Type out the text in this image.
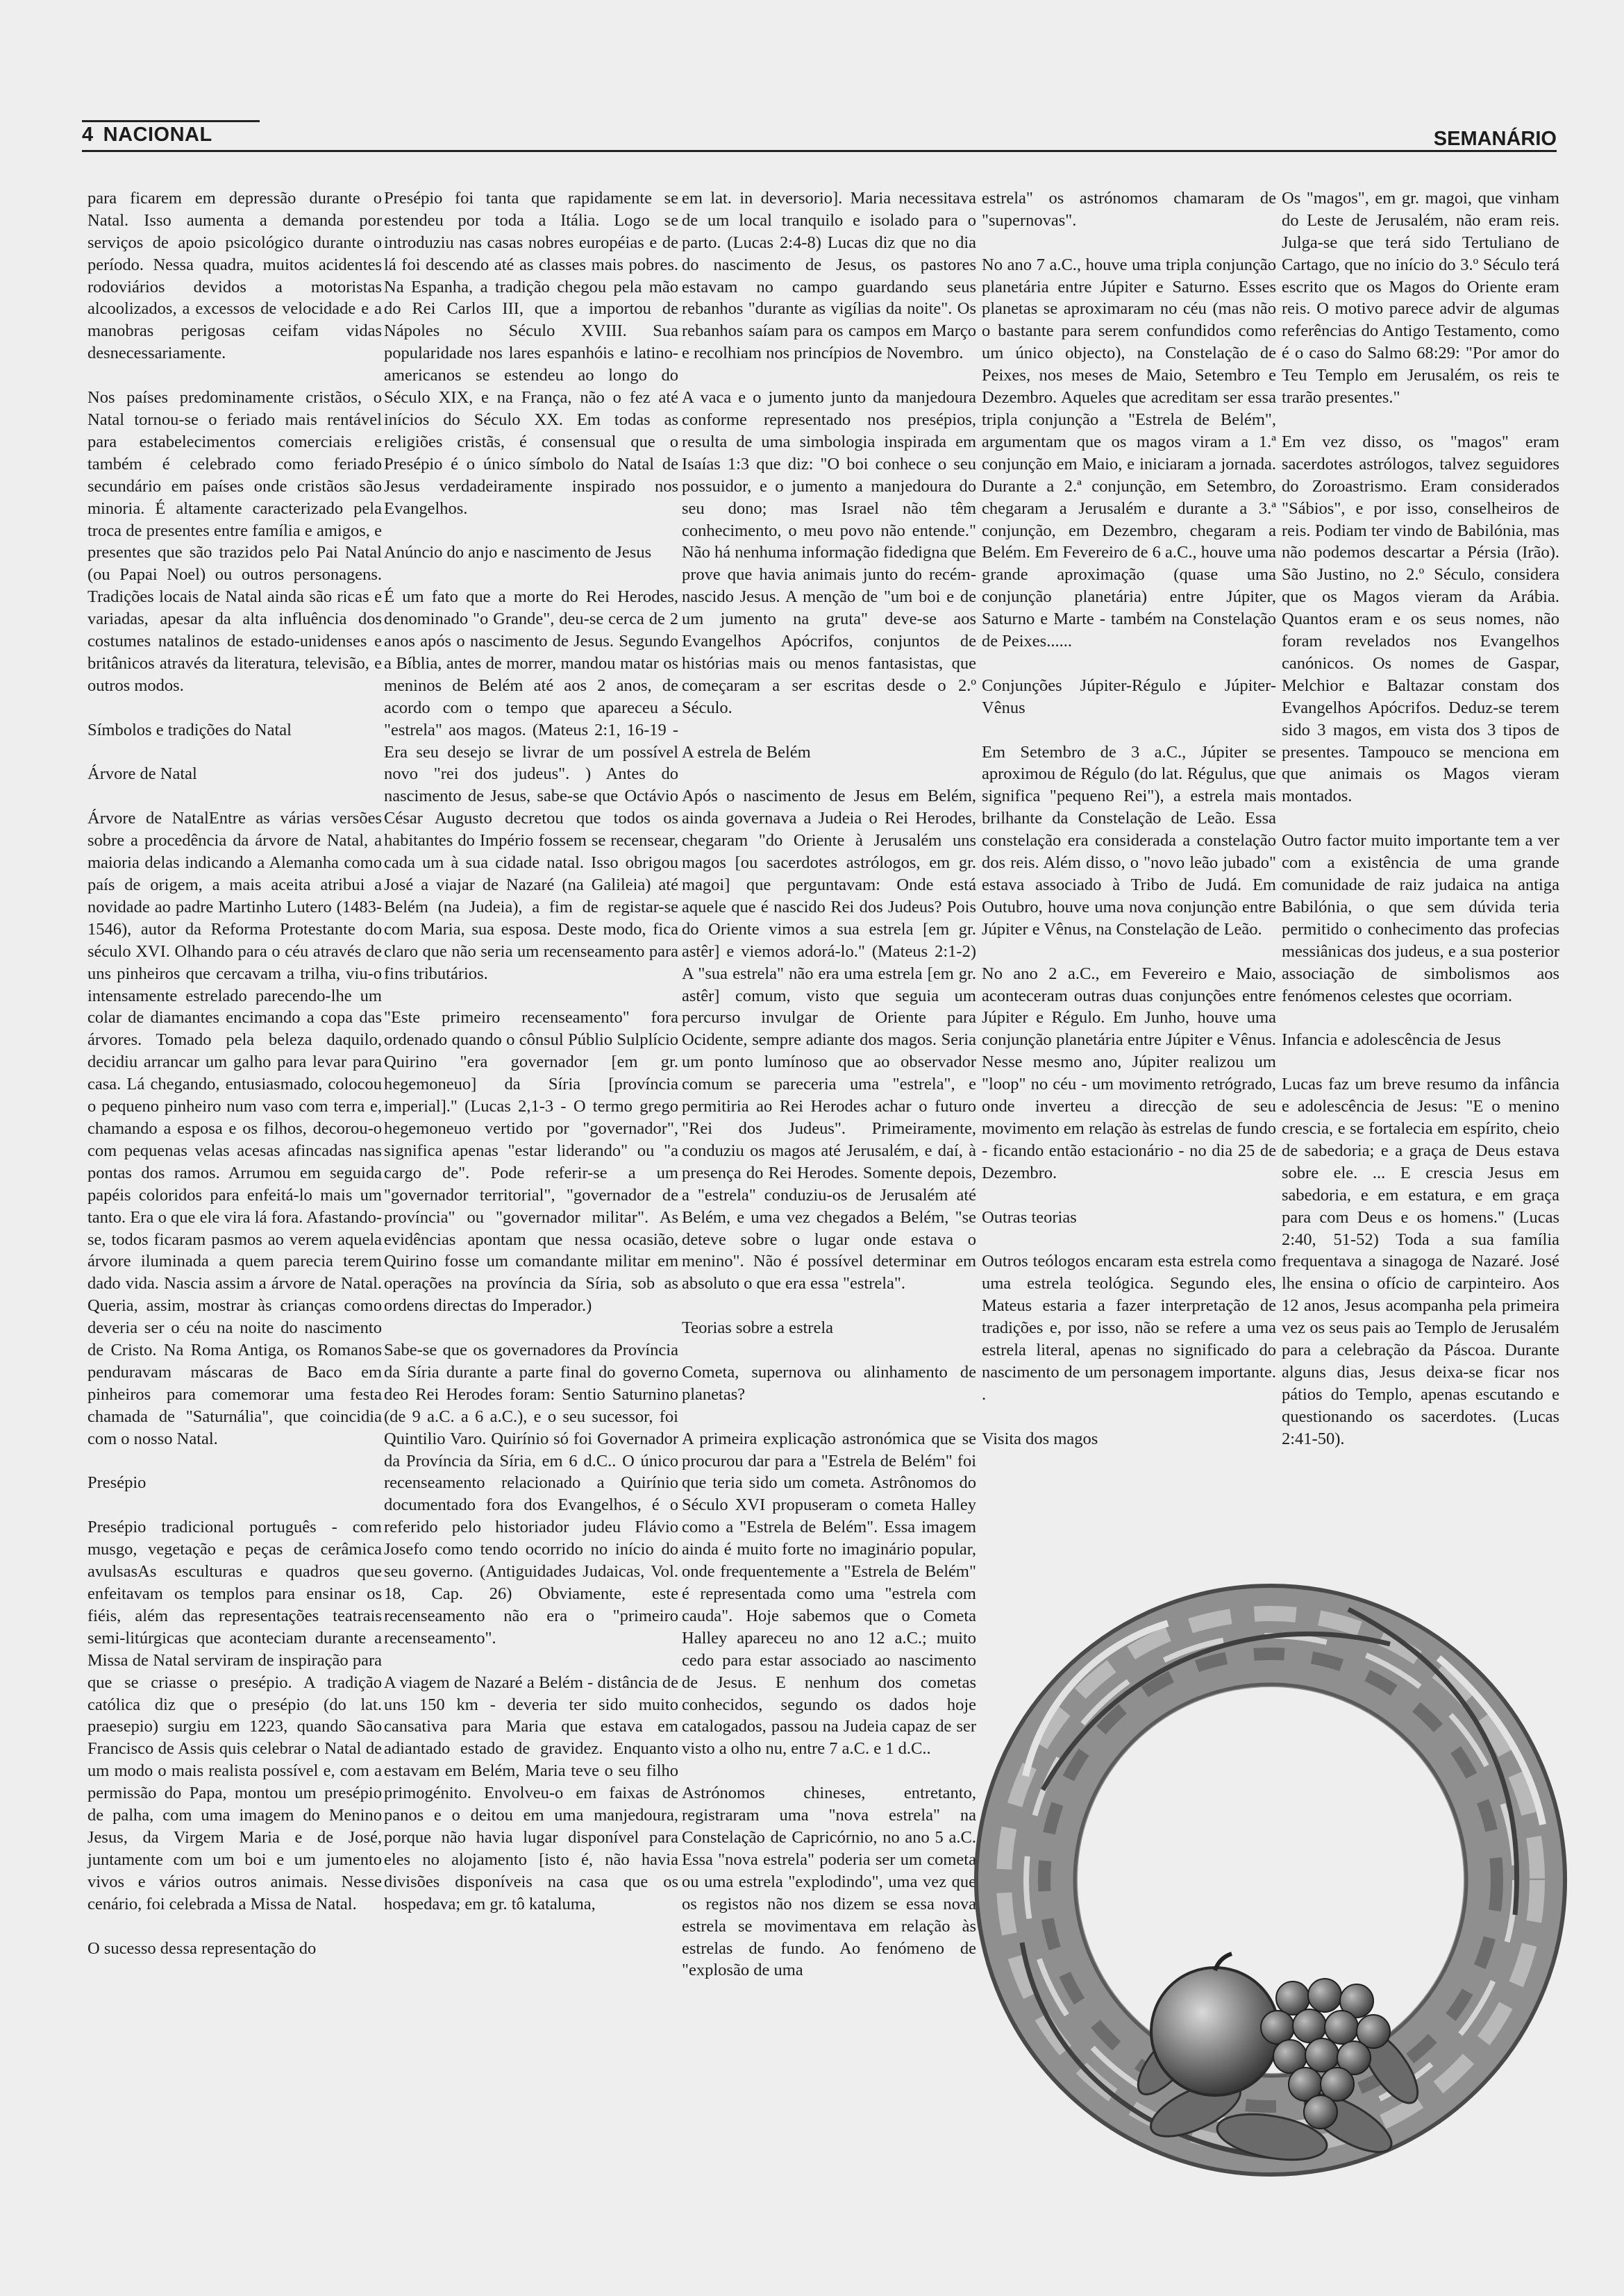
4 NACIONAL	SEMANÁRIO

para ficarem em depressão durante o Natal. Isso aumenta a demanda por serviços de apoio psicológico durante o período. Nessa quadra, muitos acidentes rodoviários devidos a motoristas alcoolizados, a excessos de velocidade e a manobras perigosas ceifam vidas desnecessariamente.

Nos países predominamente cristãos, o Natal tornou-se o feriado mais rentável para estabelecimentos comerciais e também é celebrado como feriado secundário em países onde cristãos são minoria. É altamente caracterizado pela troca de presentes entre família e amigos, e presentes que são trazidos pelo Pai Natal (ou Papai Noel) ou outros personagens. Tradições locais de Natal ainda são ricas e variadas, apesar da alta influência dos costumes natalinos de estado-unidenses e britânicos através da literatura, televisão, e outros modos.

Símbolos e tradições do Natal

Árvore de Natal

Árvore de NatalEntre as várias versões sobre a procedência da árvore de Natal, a maioria delas indicando a Alemanha como país de origem, a mais aceita atribui a novidade ao padre Martinho Lutero (1483-1546), autor da Reforma Protestante do século XVI. Olhando para o céu através de uns pinheiros que cercavam a trilha, viu-o intensamente estrelado parecendo-lhe um colar de diamantes encimando a copa das árvores. Tomado pela beleza daquilo, decidiu arrancar um galho para levar para casa. Lá chegando, entusiasmado, colocou o pequeno pinheiro num vaso com terra e, chamando a esposa e os filhos, decorou-o com pequenas velas acesas afincadas nas pontas dos ramos. Arrumou em seguida papéis coloridos para enfeitá-lo mais um tanto. Era o que ele vira lá fora. Afastando-se, todos ficaram pasmos ao verem aquela árvore iluminada a quem parecia terem dado vida. Nascia assim a árvore de Natal. Queria, assim, mostrar às crianças como deveria ser o céu na noite do nascimento de Cristo. Na Roma Antiga, os Romanos penduravam máscaras de Baco em pinheiros para comemorar uma festa chamada de "Saturnália", que coincidia com o nosso Natal.

Presépio

Presépio tradicional português - com musgo, vegetação e peças de cerâmica avulsasAs esculturas e quadros que enfeitavam os templos para ensinar os fiéis, além das representações teatrais semi-litúrgicas que aconteciam durante a Missa de Natal serviram de inspiração para que se criasse o presépio. A tradição católica diz que o presépio (do lat. praesepio) surgiu em 1223, quando São Francisco de Assis quis celebrar o Natal de um modo o mais realista possível e, com a permissão do Papa, montou um presépio de palha, com uma imagem do Menino Jesus, da Virgem Maria e de José, juntamente com um boi e um jumento vivos e vários outros animais. Nesse cenário, foi celebrada a Missa de Natal.

O sucesso dessa representação do

Presépio foi tanta que rapidamente se estendeu por toda a Itália. Logo se introduziu nas casas nobres européias e de lá foi descendo até as classes mais pobres. Na Espanha, a tradição chegou pela mão do Rei Carlos III, que a importou de Nápoles no Século XVIII. Sua popularidade nos lares espanhóis e latino-americanos se estendeu ao longo do Século XIX, e na França, não o fez até inícios do Século XX. Em todas as religiões cristãs, é consensual que o Presépio é o único símbolo do Natal de Jesus verdadeiramente inspirado nos Evangelhos.

Anúncio do anjo e nascimento de Jesus

É um fato que a morte do Rei Herodes, denominado "o Grande", deu-se cerca de 2 anos após o nascimento de Jesus. Segundo a Bíblia, antes de morrer, mandou matar os meninos de Belém até aos 2 anos, de acordo com o tempo que apareceu a "estrela" aos magos. (Mateus 2:1, 16-19 - Era seu desejo se livrar de um possível novo "rei dos judeus". ) Antes do nascimento de Jesus, sabe-se que Octávio César Augusto decretou que todos os habitantes do Império fossem se recensear, cada um à sua cidade natal. Isso obrigou José a viajar de Nazaré (na Galileia) até Belém (na Judeia), a fim de registar-se com Maria, sua esposa. Deste modo, fica claro que não seria um recenseamento para fins tributários.

"Este primeiro recenseamento" fora ordenado quando o cônsul Públio Sulplício Quirino "era governador [em gr. hegemoneuo] da Síria [província imperial]." (Lucas 2,1-3 - O termo grego hegemoneuo vertido por "governador", significa apenas "estar liderando" ou "a cargo de". Pode referir-se a um "governador territorial", "governador de província" ou "governador militar". As evidências apontam que nessa ocasião, Quirino fosse um comandante militar em operações na província da Síria, sob as ordens directas do Imperador.)

Sabe-se que os governadores da Província da Síria durante a parte final do governo deo Rei Herodes foram: Sentio Saturnino (de 9 a.C. a 6 a.C.), e o seu sucessor, foi Quintilio Varo. Quirínio só foi Governador da Província da Síria, em 6 d.C.. O único recenseamento relacionado a Quirínio documentado fora dos Evangelhos, é o referido pelo historiador judeu Flávio Josefo como tendo ocorrido no início do seu governo. (Antiguidades Judaicas, Vol. 18, Cap. 26) Obviamente, este recenseamento não era o "primeiro recenseamento".

A viagem de Nazaré a Belém - distância de uns 150 km - deveria ter sido muito cansativa para Maria que estava em adiantado estado de gravidez. Enquanto estavam em Belém, Maria teve o seu filho primogénito. Envolveu-o em faixas de panos e o deitou em uma manjedoura, porque não havia lugar disponível para eles no alojamento [isto é, não havia divisões disponíveis na casa que os hospedava; em gr. tô kataluma,

em lat. in deversorio]. Maria necessitava de um local tranquilo e isolado para o parto. (Lucas 2:4-8) Lucas diz que no dia do nascimento de Jesus, os pastores estavam no campo guardando seus rebanhos "durante as vigílias da noite". Os rebanhos saíam para os campos em Março e recolhiam nos princípios de Novembro.

A vaca e o jumento junto da manjedoura conforme representado nos presépios, resulta de uma simbologia inspirada em Isaías 1:3 que diz: "O boi conhece o seu possuidor, e o jumento a manjedoura do seu dono; mas Israel não têm conhecimento, o meu povo não entende." Não há nenhuma informação fidedigna que prove que havia animais junto do recém-nascido Jesus. A menção de "um boi e de um jumento na gruta" deve-se aos Evangelhos Apócrifos, conjuntos de histórias mais ou menos fantasistas, que começaram a ser escritas desde o 2.º Século.

A estrela de Belém

Após o nascimento de Jesus em Belém, ainda governava a Judeia o Rei Herodes, chegaram "do Oriente à Jerusalém uns magos [ou sacerdotes astrólogos, em gr. magoi] que perguntavam: Onde está aquele que é nascido Rei dos Judeus? Pois do Oriente vimos a sua estrela [em gr. astêr] e viemos adorá-lo." (Mateus 2:1-2) A "sua estrela" não era uma estrela [em gr. astêr] comum, visto que seguia um percurso invulgar de Oriente para Ocidente, sempre adiante dos magos. Seria um ponto lumínoso que ao observador comum se pareceria uma "estrela", e permitiria ao Rei Herodes achar o futuro "Rei dos Judeus". Primeiramente, conduziu os magos até Jerusalém, e daí, à presença do Rei Herodes. Somente depois, a "estrela" conduziu-os de Jerusalém até Belém, e uma vez chegados a Belém, "se deteve sobre o lugar onde estava o menino". Não é possível determinar em absoluto o que era essa "estrela".

Teorias sobre a estrela

Cometa, supernova ou alinhamento de planetas?

A primeira explicação astronómica que se procurou dar para a "Estrela de Belém" foi que teria sido um cometa. Astrônomos do Século XVI propuseram o cometa Halley como a "Estrela de Belém". Essa imagem ainda é muito forte no imaginário popular, onde frequentemente a "Estrela de Belém" é representada como uma "estrela com cauda". Hoje sabemos que o Cometa Halley apareceu no ano 12 a.C.; muito cedo para estar associado ao nascimento de Jesus. E nenhum dos cometas conhecidos, segundo os dados hoje catalogados, passou na Judeia capaz de ser visto a olho nu, entre 7 a.C. e 1 d.C..

Astrónomos chineses, entretanto, registraram uma "nova estrela" na Constelação de Capricórnio, no ano 5 a.C. Essa "nova estrela" poderia ser um cometa ou uma estrela "explodindo", uma vez que os registos não nos dizem se essa nova estrela se movimentava em relação às estrelas de fundo. Ao fenómeno de "explosão de uma

estrela" os astrónomos chamaram de "supernovas".

No ano 7 a.C., houve uma tripla conjunção planetária entre Júpiter e Saturno. Esses planetas se aproximaram no céu (mas não o bastante para serem confundidos como um único objecto), na Constelação de Peixes, nos meses de Maio, Setembro e Dezembro. Aqueles que acreditam ser essa tripla conjunção a "Estrela de Belém", argumentam que os magos viram a 1.ª conjunção em Maio, e iniciaram a jornada. Durante a 2.ª conjunção, em Setembro, chegaram a Jerusalém e durante a 3.ª conjunção, em Dezembro, chegaram a Belém. Em Fevereiro de 6 a.C., houve uma grande aproximação (quase uma conjunção planetária) entre Júpiter, Saturno e Marte - também na Constelação de Peixes......

Conjunções Júpiter-Régulo e Júpiter-Vênus

Em Setembro de 3 a.C., Júpiter se aproximou de Régulo (do lat. Régulus, que significa "pequeno Rei"), a estrela mais brilhante da Constelação de Leão. Essa constelação era considerada a constelação dos reis. Além disso, o "novo leão jubado" estava associado à Tribo de Judá. Em Outubro, houve uma nova conjunção entre Júpiter e Vênus, na Constelação de Leão.

No ano 2 a.C., em Fevereiro e Maio, aconteceram outras duas conjunções entre Júpiter e Régulo. Em Junho, houve uma conjunção planetária entre Júpiter e Vênus. Nesse mesmo ano, Júpiter realizou um "loop" no céu - um movimento retrógrado, onde inverteu a direcção de seu movimento em relação às estrelas de fundo - ficando então estacionário - no dia 25 de Dezembro.

Outras teorias

Outros teólogos encaram esta estrela como uma estrela teológica. Segundo eles, Mateus estaria a fazer interpretação de tradições e, por isso, não se refere a uma estrela literal, apenas no significado do nascimento de um personagem importante. .

Visita dos magos

Os "magos", em gr. magoi, que vinham do Leste de Jerusalém, não eram reis. Julga-se que terá sido Tertuliano de Cartago, que no início do 3.º Século terá escrito que os Magos do Oriente eram reis. O motivo parece advir de algumas referências do Antigo Testamento, como é o caso do Salmo 68:29: "Por amor do Teu Templo em Jerusalém, os reis te trarão presentes."

Em vez disso, os "magos" eram sacerdotes astrólogos, talvez seguidores do Zoroastrismo. Eram considerados "Sábios", e por isso, conselheiros de reis. Podiam ter vindo de Babilónia, mas não podemos descartar a Pérsia (Irão). São Justino, no 2.º Século, considera que os Magos vieram da Arábia. Quantos eram e os seus nomes, não foram revelados nos Evangelhos canónicos. Os nomes de Gaspar, Melchior e Baltazar constam dos Evangelhos Apócrifos. Deduz-se terem sido 3 magos, em vista dos 3 tipos de presentes. Tampouco se menciona em que animais os Magos vieram montados.

Outro factor muito importante tem a ver com a existência de uma grande comunidade de raiz judaica na antiga Babilónia, o que sem dúvida teria permitido o conhecimento das profecias messiânicas dos judeus, e a sua posterior associação de simbolismos aos fenómenos celestes que ocorriam.

Infancia e adolescência de Jesus

Lucas faz um breve resumo da infância e adolescência de Jesus: "E o menino crescia, e se fortalecia em espírito, cheio de sabedoria; e a graça de Deus estava sobre ele. ... E crescia Jesus em sabedoria, e em estatura, e em graça para com Deus e os homens." (Lucas 2:40, 51-52) Toda a sua família frequentava a sinagoga de Nazaré. José lhe ensina o ofício de carpinteiro. Aos 12 anos, Jesus acompanha pela primeira vez os seus pais ao Templo de Jerusalém para a celebração da Páscoa. Durante alguns dias, Jesus deixa-se ficar nos pátios do Templo, apenas escutando e questionando os sacerdotes. (Lucas 2:41-50).
